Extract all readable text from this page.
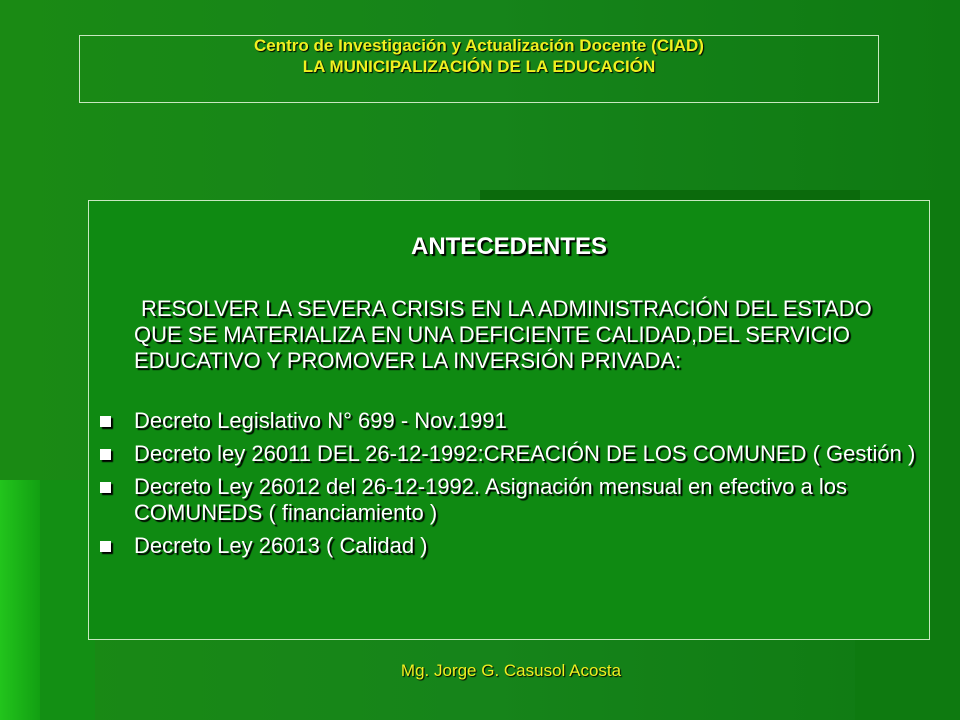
Centro de Investigación y Actualización Docente (CIAD)
LA MUNICIPALIZACIÓN DE LA EDUCACIÓN
ANTECEDENTES
RESOLVER LA SEVERA CRISIS EN LA ADMINISTRACIÓN DEL ESTADO QUE SE MATERIALIZA EN UNA DEFICIENTE CALIDAD,DEL SERVICIO EDUCATIVO Y PROMOVER LA INVERSIÓN PRIVADA:
Decreto Legislativo N° 699 - Nov.1991
Decreto ley 26011 DEL 26-12-1992:CREACIÓN DE LOS COMUNED ( Gestión )
Decreto Ley 26012 del 26-12-1992. Asignación mensual en efectivo a los COMUNEDS ( financiamiento )
Decreto Ley 26013 ( Calidad )
Mg. Jorge G. Casusol Acosta
